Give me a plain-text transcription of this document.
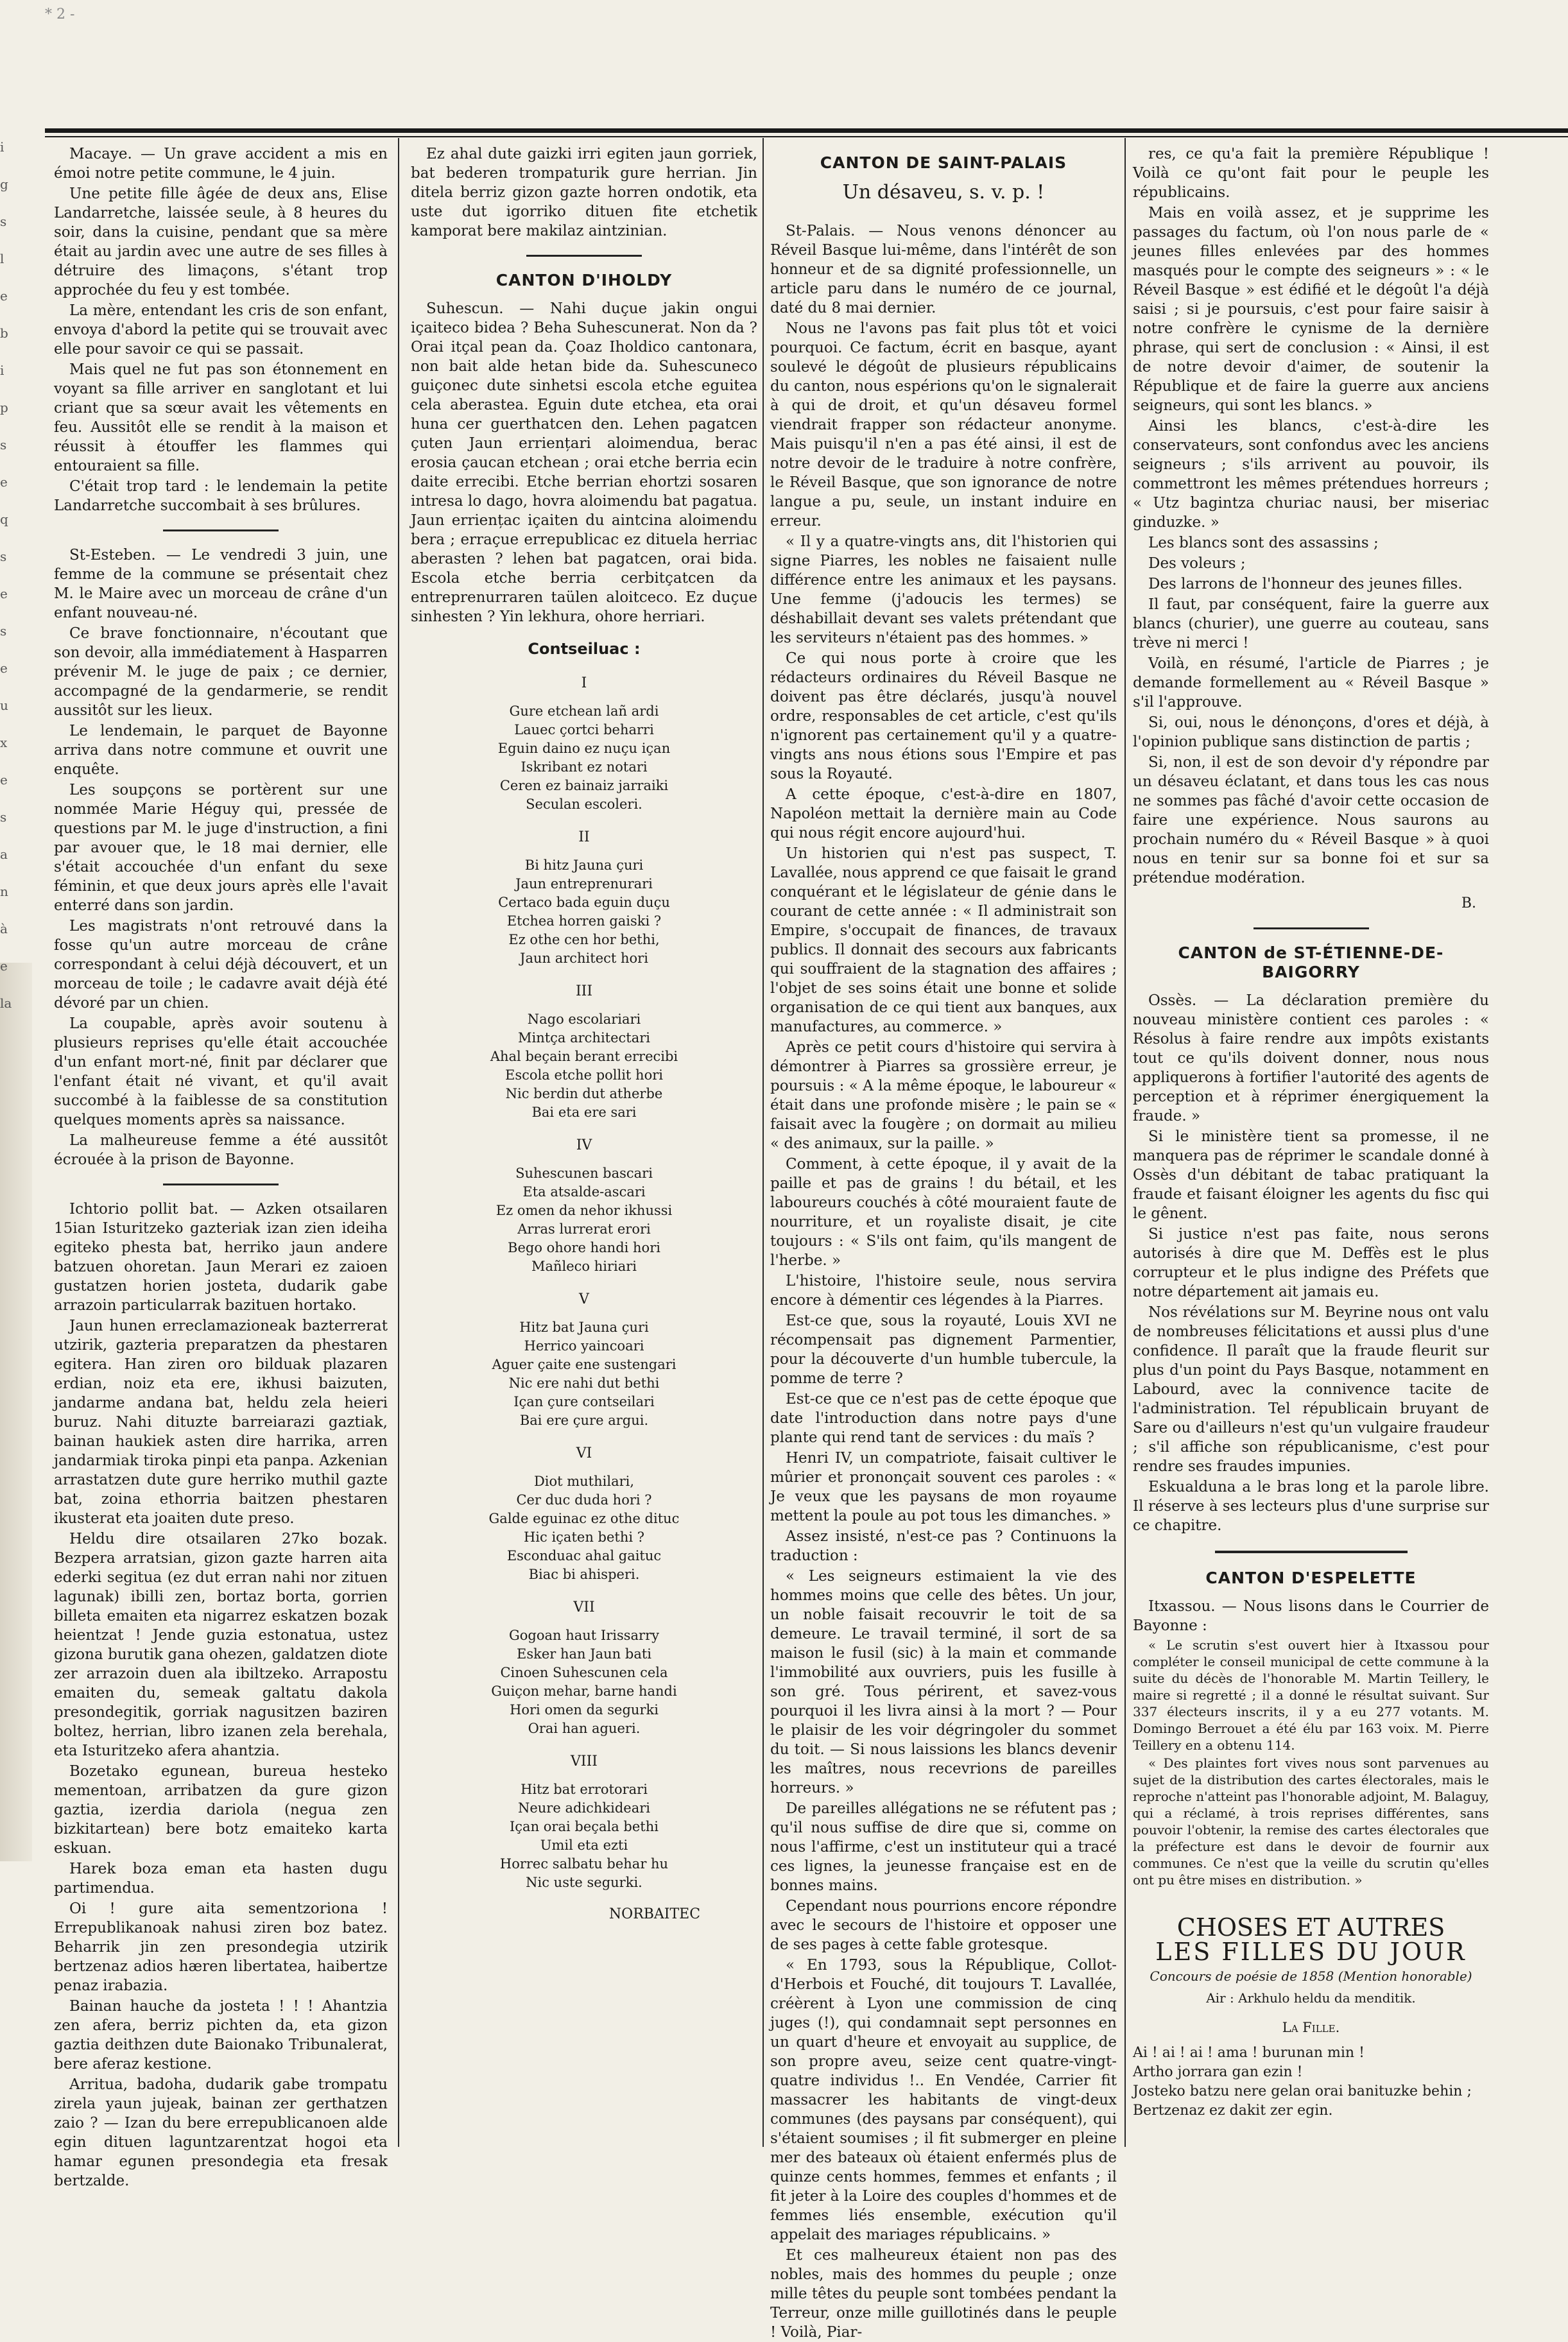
* 2 -
i
g
s
l
e
b
i
p
s
e
q
s
e
s
e
u
x
e
s
a
n
à
e
la

Macaye. — Un grave accident a mis en émoi notre petite commune, le 4 juin.

Une petite fille âgée de deux ans, Elise Landarretche, laissée seule, à 8 heures du soir, dans la cuisine, pendant que sa mère était au jardin avec une autre de ses filles à détruire des limaçons, s'étant trop approchée du feu y est tombée.

La mère, entendant les cris de son enfant, envoya d'abord la petite qui se trouvait avec elle pour savoir ce qui se passait.

Mais quel ne fut pas son étonnement en voyant sa fille arriver en sanglotant et lui criant que sa sœur avait les vêtements en feu. Aussitôt elle se rendit à la maison et réussit à étouffer les flammes qui entouraient sa fille.

C'était trop tard : le lendemain la petite Landarretche succombait à ses brûlures.

St-Esteben. — Le vendredi 3 juin, une femme de la commune se présentait chez M. le Maire avec un morceau de crâne d'un enfant nouveau-né.

Ce brave fonctionnaire, n'écoutant que son devoir, alla immédiatement à Hasparren prévenir M. le juge de paix ; ce dernier, accompagné de la gendarmerie, se rendit aussitôt sur les lieux.

Le lendemain, le parquet de Bayonne arriva dans notre commune et ouvrit une enquête.

Les soupçons se portèrent sur une nommée Marie Héguy qui, pressée de questions par M. le juge d'instruction, a fini par avouer que, le 18 mai dernier, elle s'était accouchée d'un enfant du sexe féminin, et que deux jours après elle l'avait enterré dans son jardin.

Les magistrats n'ont retrouvé dans la fosse qu'un autre morceau de crâne correspondant à celui déjà découvert, et un morceau de toile ; le cadavre avait déjà été dévoré par un chien.

La coupable, après avoir soutenu à plusieurs reprises qu'elle était accouchée d'un enfant mort-né, finit par déclarer que l'enfant était né vivant, et qu'il avait succombé à la faiblesse de sa constitution quelques moments après sa naissance.

La malheureuse femme a été aussitôt écrouée à la prison de Bayonne.

Ichtorio pollit bat. — Azken otsailaren 15ian Isturitzeko gazteriak izan zien ideiha egiteko phesta bat, herriko jaun andere batzuen ohoretan. Jaun Merari ez zaioen gustatzen horien josteta, dudarik gabe arrazoin particularrak bazituen hortako.

Jaun hunen erreclamazioneak bazterrerat utzirik, gazteria preparatzen da phestaren egitera. Han ziren oro bilduak plazaren erdian, noiz eta ere, ikhusi baizuten, jandarme andana bat, heldu zela heieri buruz. Nahi dituzte barreiarazi gaztiak, bainan haukiek asten dire harrika, arren jandarmiak tiroka pinpi eta panpa. Azkenian arrastatzen dute gure herriko muthil gazte bat, zoina ethorria baitzen phestaren ikusterat eta joaiten dute preso.

Heldu dire otsailaren 27ko bozak. Bezpera arratsian, gizon gazte harren aita ederki segitua (ez dut erran nahi nor zituen lagunak) ibilli zen, bortaz borta, gorrien billeta emaiten eta nigarrez eskatzen bozak heientzat ! Jende guzia estonatua, ustez gizona burutik gana ohezen, galdatzen diote zer arrazoin duen ala ibiltzeko. Arrapostu emaiten du, semeak galtatu dakola presondegitik, gorriak nagusitzen baziren boltez, herrian, libro izanen zela berehala, eta Isturitzeko afera ahantzia.

Bozetako egunean, bureua hesteko mementoan, arribatzen da gure gizon gaztia, izerdia dariola (negua zen bizkitartean) bere botz emaiteko karta eskuan.

Harek boza eman eta hasten dugu partimendua.

Oi ! gure aita sementzoriona ! Errepublikanoak nahusi ziren boz batez. Beharrik jin zen presondegia utzirik bertzenaz adios hæren libertatea, haibertze penaz irabazia.

Bainan hauche da josteta ! ! ! Ahantzia zen afera, berriz pichten da, eta gizon gaztia deithzen dute Baionako Tribunalerat, bere aferaz kestione.

Arritua, badoha, dudarik gabe trompatu zirela yaun jujeak, bainan zer gerthatzen zaio ? — Izan du bere errepublicanoen alde egin dituen laguntzarentzat hogoi eta hamar egunen presondegia eta fresak bertzalde.

Ez ahal dute gaizki irri egiten jaun gorriek, bat bederen trompaturik gure herrian. Jin ditela berriz gizon gazte horren ondotik, eta uste dut igorriko dituen fite etchetik kamporat bere makilaz aintzinian.

CANTON D'IHOLDY

Suhescun. — Nahi duçue jakin ongui içaiteco bidea ? Beha Suhescunerat. Non da ? Orai itçal pean da. Çoaz Iholdico cantonara, non bait alde hetan bide da. Suhescuneco guiçonec dute sinhetsi escola etche eguitea cela aberastea. Eguin dute etchea, eta orai huna cer guerthatcen den. Lehen pagatcen çuten Jaun erriențari aloimendua, berac erosia çaucan etchean ; orai etche berria ecin daite errecibi. Etche berrian ehortzi sosaren intresa lo dago, hovra aloimendu bat pagatua. Jaun erriențac içaiten du aintcina aloimendu bera ; erraçue errepublicac ez dituela herriac aberasten ? lehen bat pagatcen, orai bida. Escola etche berria cerbitçatcen da entreprenurraren taülen aloitceco. Ez duçue sinhesten ? Yin lekhura, ohore herriari.

Contseiluac :
I
Gure etchean lañ ardi
Lauec çortci beharri
Eguin daino ez nuçu içan
Iskribant ez notari
Ceren ez bainaiz jarraiki
Seculan escoleri.
II
Bi hitz Jauna çuri
Jaun entreprenurari
Certaco bada eguin duçu
Etchea horren gaiski ?
Ez othe cen hor bethi,
Jaun architect hori
III
Nago escolariari
Mintça architectari
Ahal beçain berant errecibi
Escola etche pollit hori
Nic berdin dut atherbe
Bai eta ere sari
IV
Suhescunen bascari
Eta atsalde-ascari
Ez omen da nehor ikhussi
Arras lurrerat erori
Bego ohore handi hori
Mañleco hiriari
V
Hitz bat Jauna çuri
Herrico yaincoari
Aguer çaite ene sustengari
Nic ere nahi dut bethi
Içan çure contseilari
Bai ere çure argui.
VI
Diot muthilari,
Cer duc duda hori ?
Galde eguinac ez othe dituc
Hic içaten bethi ?
Esconduac ahal gaituc
Biac bi ahisperi.
VII
Gogoan haut Irissarry
Esker han Jaun bati
Cinoen Suhescunen cela
Guiçon mehar, barne handi
Hori omen da segurki
Orai han agueri.
VIII
Hitz bat errotorari
Neure adichkideari
Içan orai beçala bethi
Umil eta ezti
Horrec salbatu behar hu
Nic uste segurki.
NORBAITEC
CANTON DE SAINT-PALAIS
Un désaveu, s. v. p. !

St-Palais. — Nous venons dénoncer au Réveil Basque lui-même, dans l'intérêt de son honneur et de sa dignité professionnelle, un article paru dans le numéro de ce journal, daté du 8 mai dernier.

Nous ne l'avons pas fait plus tôt et voici pourquoi. Ce factum, écrit en basque, ayant soulevé le dégoût de plusieurs républicains du canton, nous espérions qu'on le signalerait à qui de droit, et qu'un désaveu formel viendrait frapper son rédacteur anonyme. Mais puisqu'il n'en a pas été ainsi, il est de notre devoir de le traduire à notre confrère, le Réveil Basque, que son ignorance de notre langue a pu, seule, un instant induire en erreur.

« Il y a quatre-vingts ans, dit l'historien qui signe Piarres, les nobles ne faisaient nulle différence entre les animaux et les paysans. Une femme (j'adoucis les termes) se déshabillait devant ses valets prétendant que les serviteurs n'étaient pas des hommes. »

Ce qui nous porte à croire que les rédacteurs ordinaires du Réveil Basque ne doivent pas être déclarés, jusqu'à nouvel ordre, responsables de cet article, c'est qu'ils n'ignorent pas certainement qu'il y a quatre-vingts ans nous étions sous l'Empire et pas sous la Royauté.

A cette époque, c'est-à-dire en 1807, Napoléon mettait la dernière main au Code qui nous régit encore aujourd'hui.

Un historien qui n'est pas suspect, T. Lavallée, nous apprend ce que faisait le grand conquérant et le législateur de génie dans le courant de cette année : « Il administrait son Empire, s'occupait de finances, de travaux publics. Il donnait des secours aux fabricants qui souffraient de la stagnation des affaires ; l'objet de ses soins était une bonne et solide organisation de ce qui tient aux banques, aux manufactures, au commerce. »

Après ce petit cours d'histoire qui servira à démontrer à Piarres sa grossière erreur, je poursuis : « A la même époque, le laboureur « était dans une profonde misère ; le pain se « faisait avec la fougère ; on dormait au milieu « des animaux, sur la paille. »

Comment, à cette époque, il y avait de la paille et pas de grains ! du bétail, et les laboureurs couchés à côté mouraient faute de nourriture, et un royaliste disait, je cite toujours : « S'ils ont faim, qu'ils mangent de l'herbe. »

L'histoire, l'histoire seule, nous servira encore à démentir ces légendes à la Piarres.

Est-ce que, sous la royauté, Louis XVI ne récompensait pas dignement Parmentier, pour la découverte d'un humble tubercule, la pomme de terre ?

Est-ce que ce n'est pas de cette époque que date l'introduction dans notre pays d'une plante qui rend tant de services : du maïs ?

Henri IV, un compatriote, faisait cultiver le mûrier et prononçait souvent ces paroles : « Je veux que les paysans de mon royaume mettent la poule au pot tous les dimanches. »

Assez insisté, n'est-ce pas ? Continuons la traduction :

« Les seigneurs estimaient la vie des hommes moins que celle des bêtes. Un jour, un noble faisait recouvrir le toit de sa demeure. Le travail terminé, il sort de sa maison le fusil (sic) à la main et commande l'immobilité aux ouvriers, puis les fusille à son gré. Tous périrent, et savez-vous pourquoi il les livra ainsi à la mort ? — Pour le plaisir de les voir dégringoler du sommet du toit. — Si nous laissions les blancs devenir les maîtres, nous recevrions de pareilles horreurs. »

De pareilles allégations ne se réfutent pas ; qu'il nous suffise de dire que si, comme on nous l'affirme, c'est un instituteur qui a tracé ces lignes, la jeunesse française est en de bonnes mains.

Cependant nous pourrions encore répondre avec le secours de l'histoire et opposer une de ses pages à cette fable grotesque.

« En 1793, sous la République, Collot-d'Herbois et Fouché, dit toujours T. Lavallée, créèrent à Lyon une commission de cinq juges (!), qui condamnait sept personnes en un quart d'heure et envoyait au supplice, de son propre aveu, seize cent quatre-vingt-quatre individus !.. En Vendée, Carrier fit massacrer les habitants de vingt-deux communes (des paysans par conséquent), qui s'étaient soumises ; il fit submerger en pleine mer des bateaux où étaient enfermés plus de quinze cents hommes, femmes et enfants ; il fit jeter à la Loire des couples d'hommes et de femmes liés ensemble, exécution qu'il appelait des mariages républicains. »

Et ces malheureux étaient non pas des nobles, mais des hommes du peuple ; onze mille têtes du peuple sont tombées pendant la Terreur, onze mille guillotinés dans le peuple ! Voilà, Piar-

res, ce qu'a fait la première République ! Voilà ce qu'ont fait pour le peuple les républicains.

Mais en voilà assez, et je supprime les passages du factum, où l'on nous parle de « jeunes filles enlevées par des hommes masqués pour le compte des seigneurs » : « le Réveil Basque » est édifié et le dégoût l'a déjà saisi ; si je poursuis, c'est pour faire saisir à notre confrère le cynisme de la dernière phrase, qui sert de conclusion : « Ainsi, il est de notre devoir d'aimer, de soutenir la République et de faire la guerre aux anciens seigneurs, qui sont les blancs. »

Ainsi les blancs, c'est-à-dire les conservateurs, sont confondus avec les anciens seigneurs ; s'ils arrivent au pouvoir, ils commettront les mêmes prétendues horreurs ; « Utz bagintza churiac nausi, ber miseriac ginduzke. »

Les blancs sont des assassins ;

Des voleurs ;

Des larrons de l'honneur des jeunes filles.

Il faut, par conséquent, faire la guerre aux blancs (churier), une guerre au couteau, sans trève ni merci !

Voilà, en résumé, l'article de Piarres ; je demande formellement au « Réveil Basque » s'il l'approuve.

Si, oui, nous le dénonçons, d'ores et déjà, à l'opinion publique sans distinction de partis ;

Si, non, il est de son devoir d'y répondre par un désaveu éclatant, et dans tous les cas nous ne sommes pas fâché d'avoir cette occasion de faire une expérience. Nous saurons au prochain numéro du « Réveil Basque » à quoi nous en tenir sur sa bonne foi et sur sa prétendue modération.

B.
CANTON de ST-ÉTIENNE-DE-BAIGORRY

Ossès. — La déclaration première du nouveau ministère contient ces paroles : « Résolus à faire rendre aux impôts existants tout ce qu'ils doivent donner, nous nous appliquerons à fortifier l'autorité des agents de perception et à réprimer énergiquement la fraude. »

Si le ministère tient sa promesse, il ne manquera pas de réprimer le scandale donné à Ossès d'un débitant de tabac pratiquant la fraude et faisant éloigner les agents du fisc qui le gênent.

Si justice n'est pas faite, nous serons autorisés à dire que M. Deffès est le plus corrupteur et le plus indigne des Préfets que notre département ait jamais eu.

Nos révélations sur M. Beyrine nous ont valu de nombreuses félicitations et aussi plus d'une confidence. Il paraît que la fraude fleurit sur plus d'un point du Pays Basque, notamment en Labourd, avec la connivence tacite de l'administration. Tel républicain bruyant de Sare ou d'ailleurs n'est qu'un vulgaire fraudeur ; s'il affiche son républicanisme, c'est pour rendre ses fraudes impunies.

Eskualduna a le bras long et la parole libre. Il réserve à ses lecteurs plus d'une surprise sur ce chapitre.

CANTON D'ESPELETTE

Itxassou. — Nous lisons dans le Courrier de Bayonne :

« Le scrutin s'est ouvert hier à Itxassou pour compléter le conseil municipal de cette commune à la suite du décès de l'honorable M. Martin Teillery, le maire si regretté ; il a donné le résultat suivant. Sur 337 électeurs inscrits, il y a eu 277 votants. M. Domingo Berrouet a été élu par 163 voix. M. Pierre Teillery en a obtenu 114.

« Des plaintes fort vives nous sont parvenues au sujet de la distribution des cartes électorales, mais le reproche n'atteint pas l'honorable adjoint, M. Balaguy, qui a réclamé, à trois reprises différentes, sans pouvoir l'obtenir, la remise des cartes électorales que la préfecture est dans le devoir de fournir aux communes. Ce n'est que la veille du scrutin qu'elles ont pu être mises en distribution. »

CHOSES ET AUTRES
LES FILLES DU JOUR
Concours de poésie de 1858 (Mention honorable)
Air : Arkhulo heldu da menditik.
La Fille.
Ai ! ai ! ai ! ama ! burunan min !
Artho jorrara gan ezin !
Josteko batzu nere gelan orai banituzke behin ;
Bertzenaz ez dakit zer egin.
